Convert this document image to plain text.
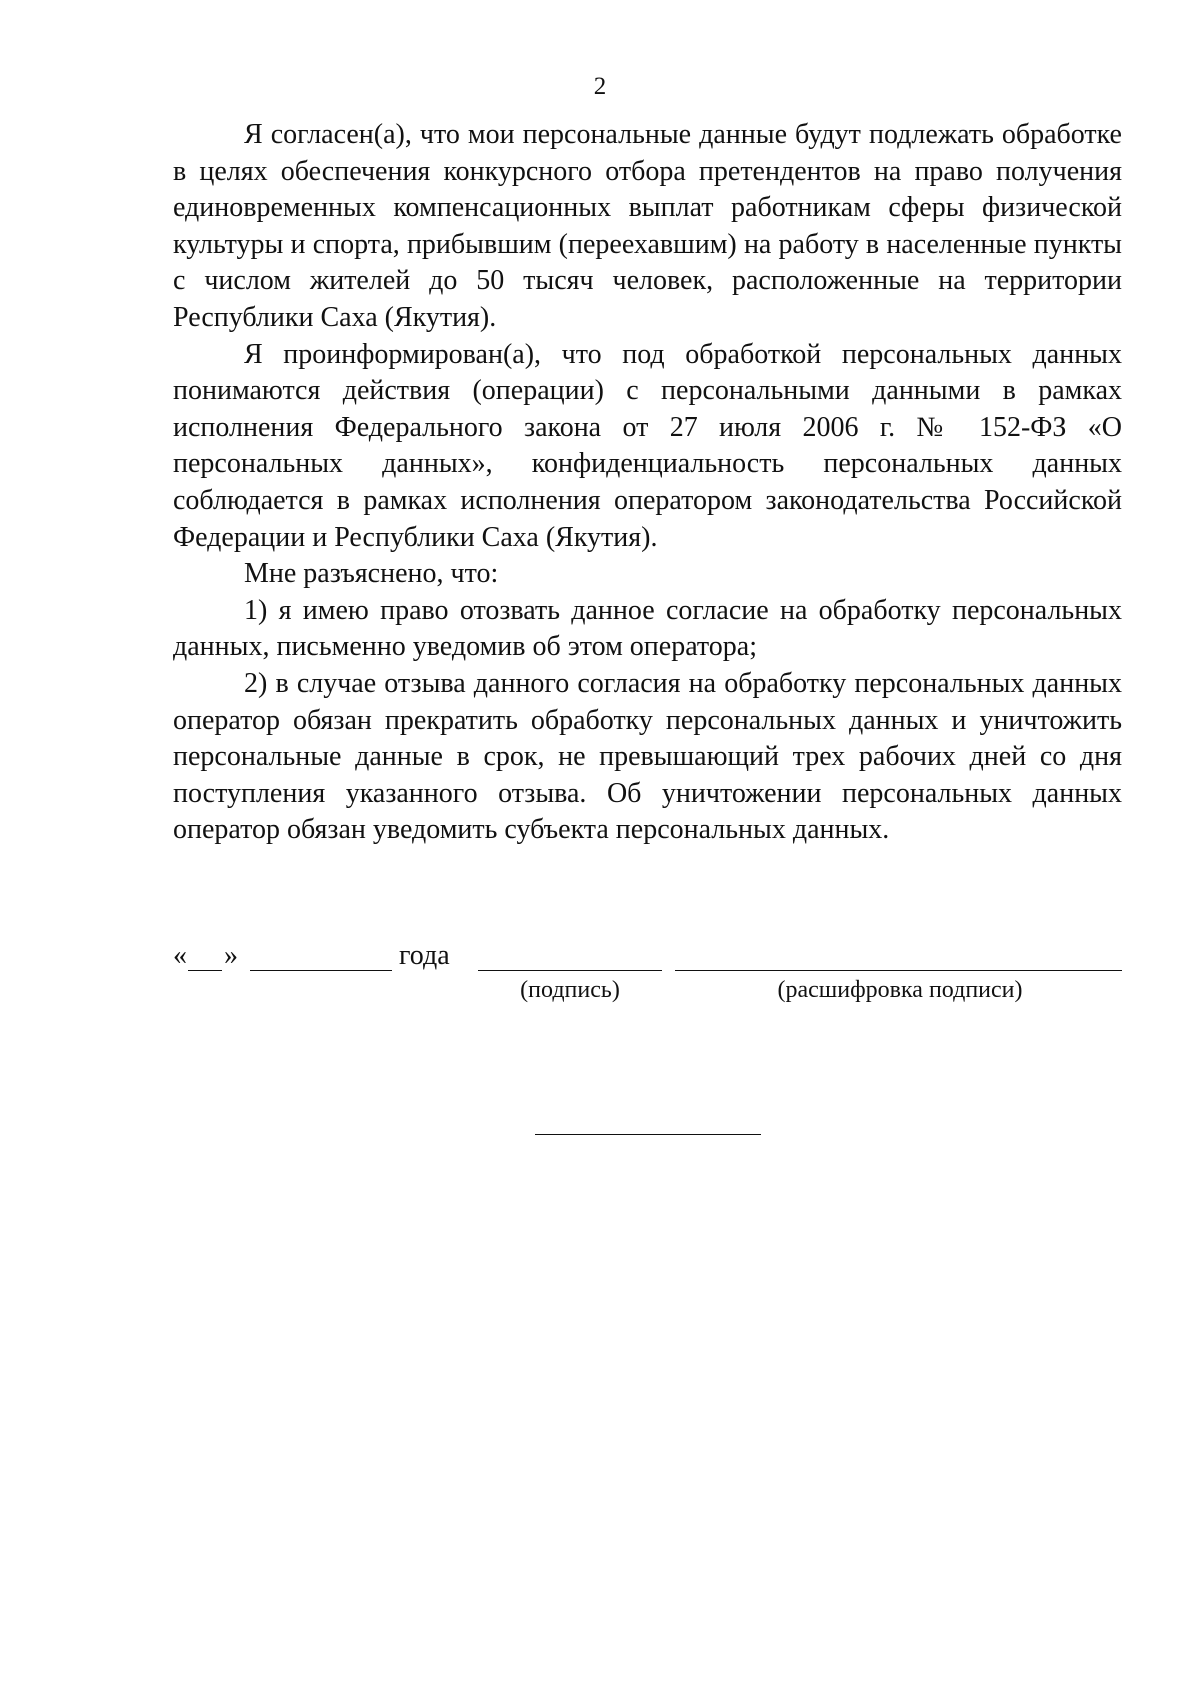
2

Я согласен(а), что мои персональные данные будут подлежать обработке в целях обеспечения конкурсного отбора претендентов на право получения единовременных компенсационных выплат работникам сферы физической культуры и спорта, прибывшим (переехавшим) на работу в населенные пункты с числом жителей до 50 тысяч человек, расположенные на территории Республики Саха (Якутия).

Я проинформирован(а), что под обработкой персональных данных понимаются действия (операции) с персональными данными в рамках исполнения Федерального закона от 27 июля 2006 г. № 152-ФЗ «О персональных данных», конфиденциальность персональных данных соблюдается в рамках исполнения оператором законодательства Российской Федерации и Республики Саха (Якутия).

Мне разъяснено, что:

1) я имею право отозвать данное согласие на обработку персональных данных, письменно уведомив об этом оператора;

2) в случае отзыва данного согласия на обработку персональных данных оператор обязан прекратить обработку персональных данных и уничтожить персональные данные в срок, не превышающий трех рабочих дней со дня поступления указанного отзыва. Об уничтожении персональных данных оператор обязан уведомить субъекта персональных данных.

« »	года
(подпись)	(расшифровка подписи)
